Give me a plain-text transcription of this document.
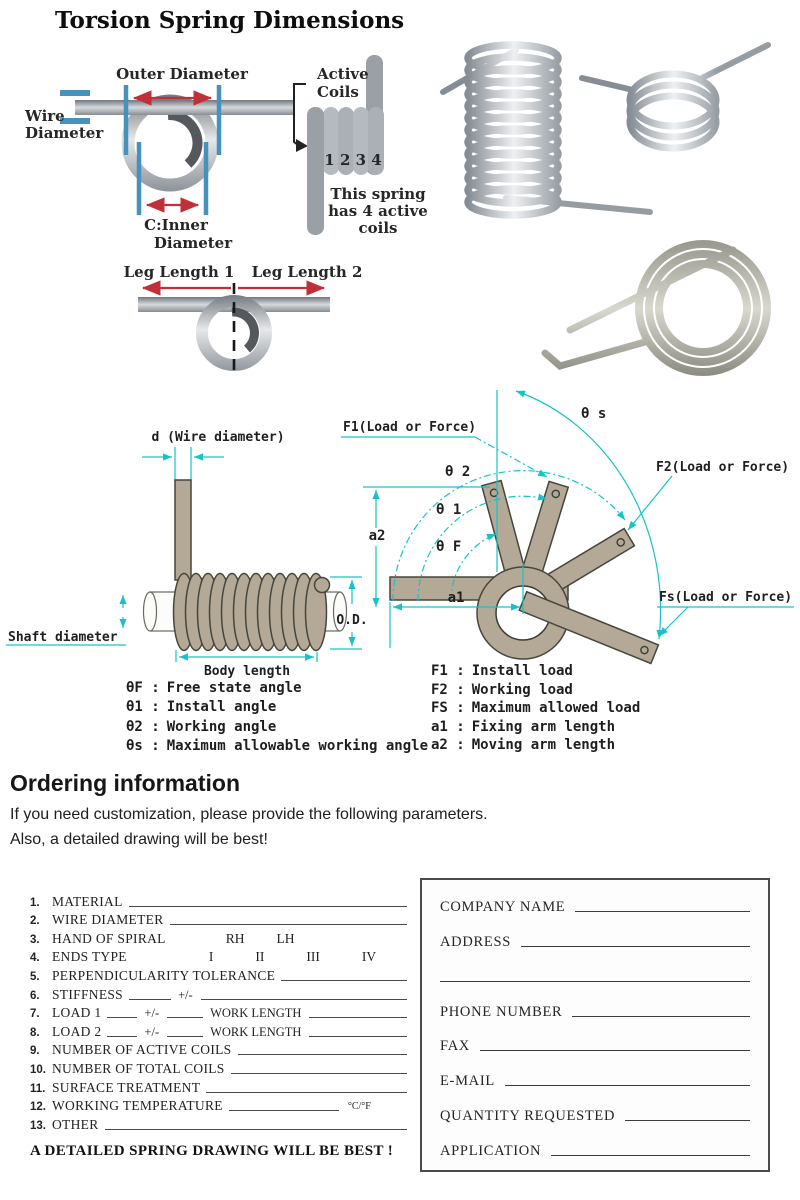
Torsion Spring Dimensions
Outer Diameter
Wire
Diameter
C:Inner
Diameter
Active
Coils
1 2 3 4
This spring
has 4 active
coils
Leg Length 1 Leg Length 2
d (Wire diameter)
O.D.
Shaft diameter
Body length
a2
a1
F1(Load or Force)
F2(Load or Force)
Fs(Load or Force)
θ 2
θ 1
θ F
θ s
θF : Free state angle
θ1 : Install angle
θ2 : Working angle
θs : Maximum allowable working angle
F1 : Install load
F2 : Working load
FS : Maximum allowed load
a1 : Fixing arm length
a2 : Moving arm length
Ordering information
If you need customization, please provide the following parameters.
Also, a detailed drawing will be best!
1. MATERIAL
2. WIRE DIAMETER
3. HAND OF SPIRAL	RH LH
4. ENDS TYPE	I	II	III	IV
5. PERPENDICULARITY TOLERANCE
6. STIFFNESS	+/-
7. LOAD 1	+/-	WORK LENGTH
8. LOAD 2	+/-	WORK LENGTH
9. NUMBER OF ACTIVE COILS
10. NUMBER OF TOTAL COILS
11. SURFACE TREATMENT
12. WORKING TEMPERATURE	°C/°F
13. OTHER
COMPANY NAME
ADDRESS
PHONE NUMBER
FAX
E-MAIL
QUANTITY REQUESTED
APPLICATION
A DETAILED SPRING DRAWING WILL BE BEST !
